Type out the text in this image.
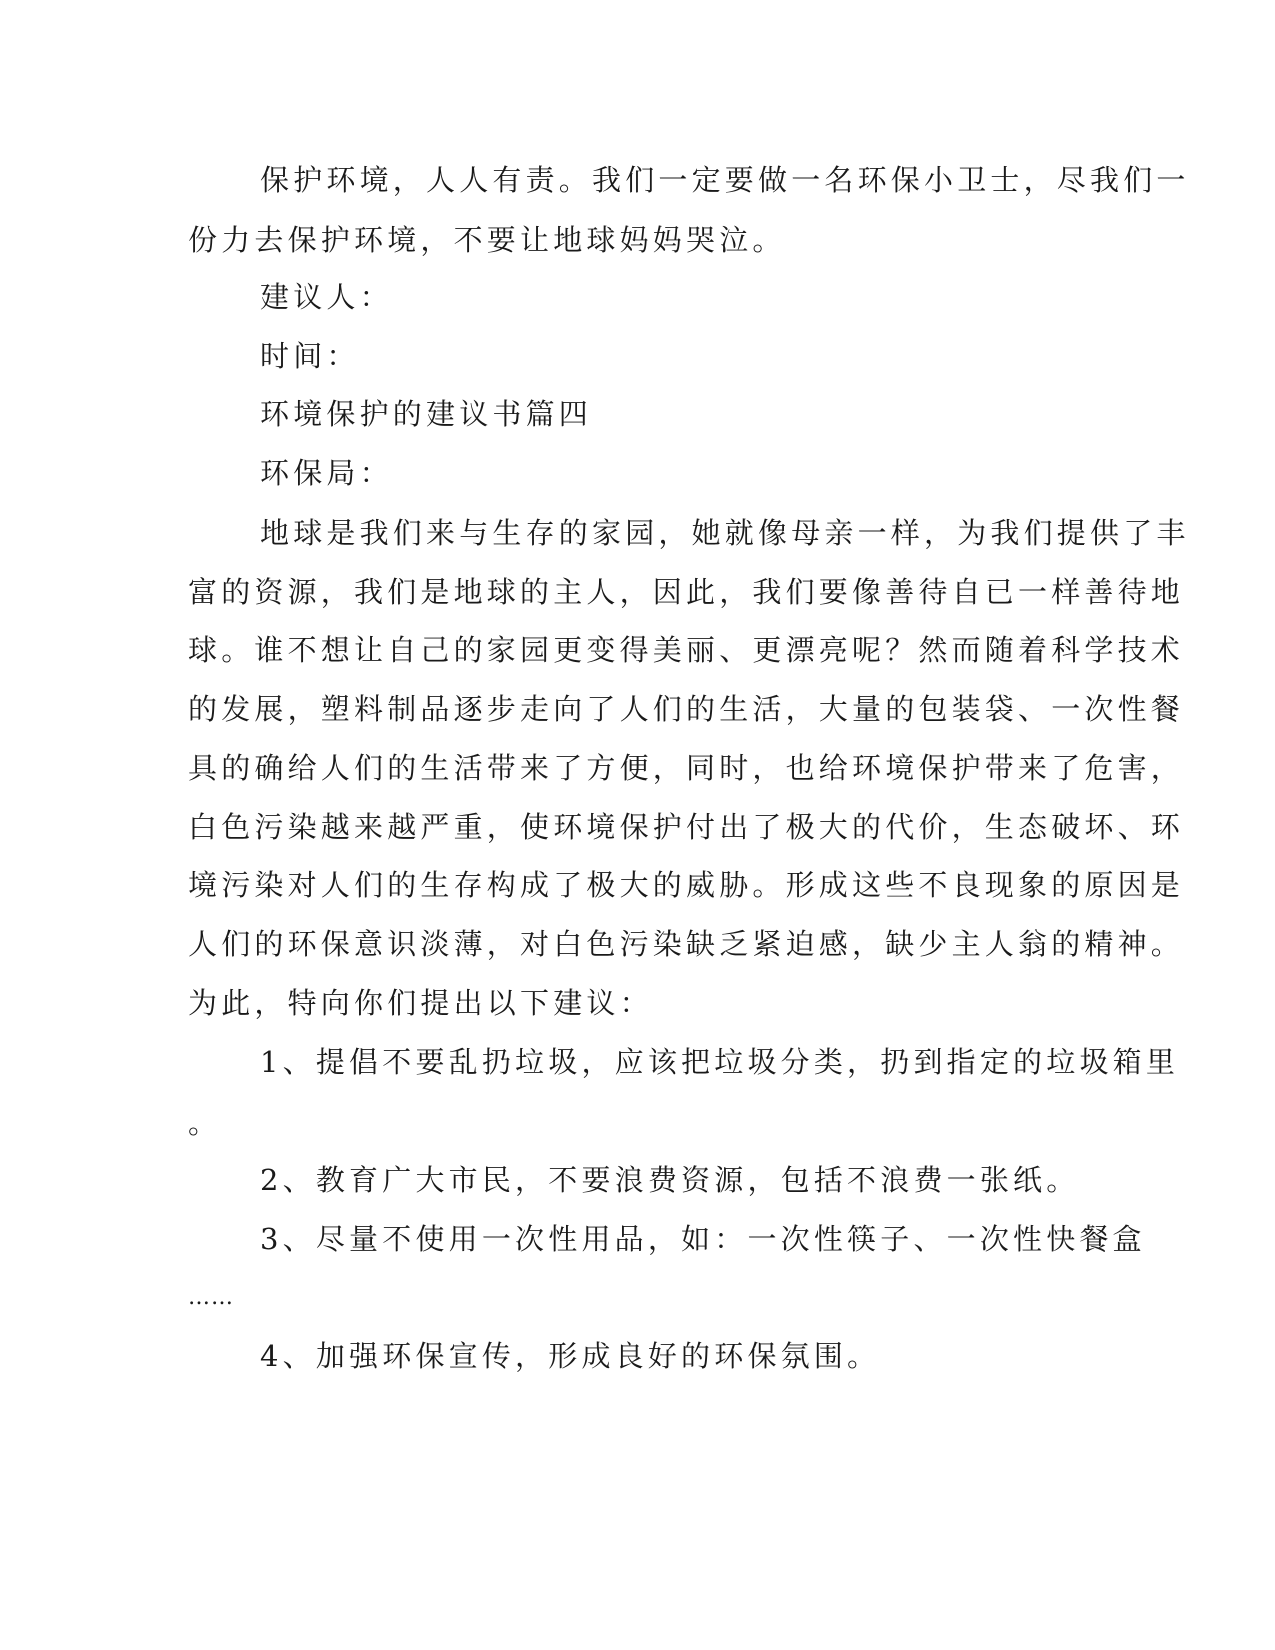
保护环境，人人有责。我们一定要做一名环保小卫士，尽我们一
份力去保护环境，不要让地球妈妈哭泣。
建议人：
时间：
环境保护的建议书篇四
环保局：
地球是我们来与生存的家园，她就像母亲一样，为我们提供了丰
富的资源，我们是地球的主人，因此，我们要像善待自已一样善待地
球。谁不想让自己的家园更变得美丽、更漂亮呢？然而随着科学技术
的发展，塑料制品逐步走向了人们的生活，大量的包装袋、一次性餐
具的确给人们的生活带来了方便，同时，也给环境保护带来了危害，
白色污染越来越严重，使环境保护付出了极大的代价，生态破坏、环
境污染对人们的生存构成了极大的威胁。形成这些不良现象的原因是
人们的环保意识淡薄，对白色污染缺乏紧迫感，缺少主人翁的精神。
为此，特向你们提出以下建议：
1、提倡不要乱扔垃圾，应该把垃圾分类，扔到指定的垃圾箱里
。
2、教育广大市民，不要浪费资源，包括不浪费一张纸。
3、尽量不使用一次性用品，如：一次性筷子、一次性快餐盒
……
4、加强环保宣传，形成良好的环保氛围。
